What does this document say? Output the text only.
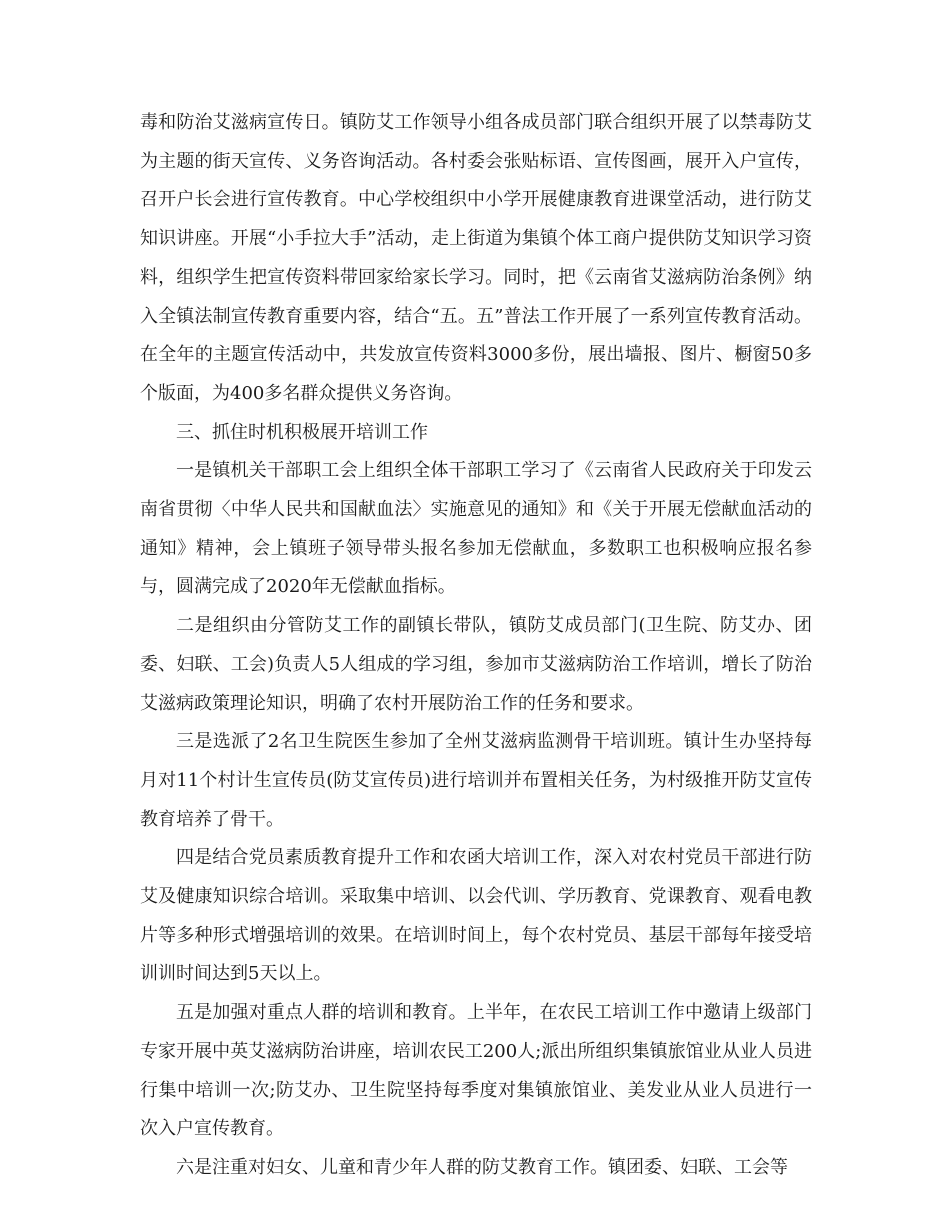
毒和防治艾滋病宣传日。镇防艾工作领导小组各成员部门联合组织开展了以禁毒防艾为主题的街天宣传、义务咨询活动。各村委会张贴标语、宣传图画，展开入户宣传，召开户长会进行宣传教育。中心学校组织中小学开展健康教育进课堂活动，进行防艾知识讲座。开展“小手拉大手”活动，走上街道为集镇个体工商户提供防艾知识学习资料，组织学生把宣传资料带回家给家长学习。同时，把《云南省艾滋病防治条例》纳入全镇法制宣传教育重要内容，结合“五。五”普法工作开展了一系列宣传教育活动。在全年的主题宣传活动中，共发放宣传资料3000多份，展出墙报、图片、橱窗50多个版面，为400多名群众提供义务咨询。

三、抓住时机积极展开培训工作

一是镇机关干部职工会上组织全体干部职工学习了《云南省人民政府关于印发云南省贯彻〈中华人民共和国献血法〉实施意见的通知》和《关于开展无偿献血活动的通知》精神，会上镇班子领导带头报名参加无偿献血，多数职工也积极响应报名参与，圆满完成了2020年无偿献血指标。

二是组织由分管防艾工作的副镇长带队，镇防艾成员部门(卫生院、防艾办、团委、妇联、工会)负责人5人组成的学习组，参加市艾滋病防治工作培训，增长了防治艾滋病政策理论知识，明确了农村开展防治工作的任务和要求。

三是选派了2名卫生院医生参加了全州艾滋病监测骨干培训班。镇计生办坚持每月对11个村计生宣传员(防艾宣传员)进行培训并布置相关任务，为村级推开防艾宣传教育培养了骨干。

四是结合党员素质教育提升工作和农函大培训工作，深入对农村党员干部进行防艾及健康知识综合培训。采取集中培训、以会代训、学历教育、党课教育、观看电教片等多种形式增强培训的效果。在培训时间上，每个农村党员、基层干部每年接受培训训时间达到5天以上。

五是加强对重点人群的培训和教育。上半年，在农民工培训工作中邀请上级部门专家开展中英艾滋病防治讲座，培训农民工200人;派出所组织集镇旅馆业从业人员进行集中培训一次;防艾办、卫生院坚持每季度对集镇旅馆业、美发业从业人员进行一次入户宣传教育。

六是注重对妇女、儿童和青少年人群的防艾教育工作。镇团委、妇联、工会等
